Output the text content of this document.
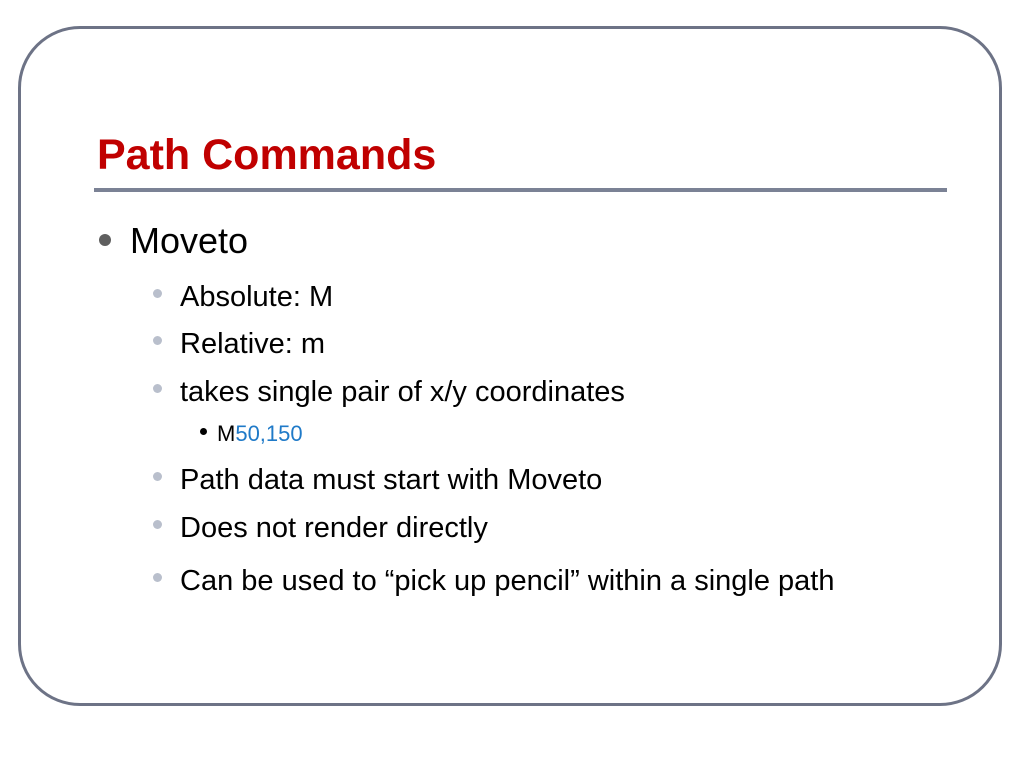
Path Commands
Moveto
Absolute: M
Relative: m
takes single pair of x/y coordinates
M50,150
Path data must start with Moveto
Does not render directly
Can be used to “pick up pencil” within a single path
